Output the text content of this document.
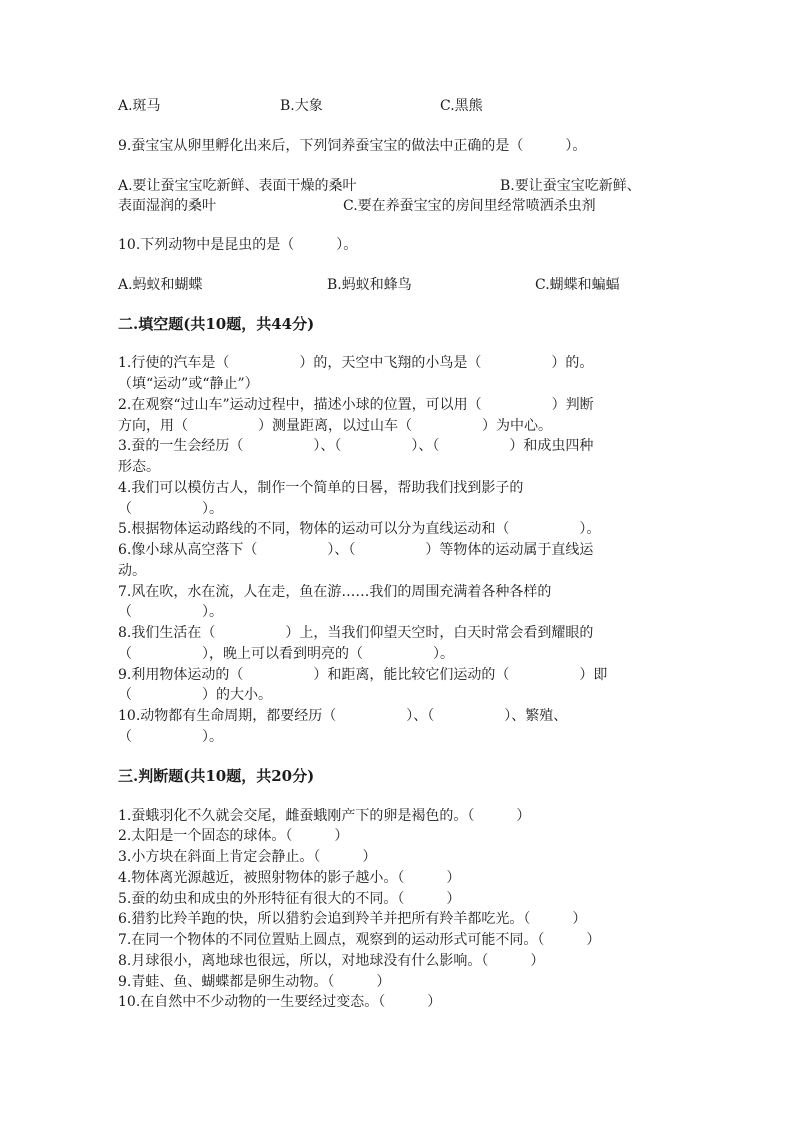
A.斑马	B.大象	C.黑熊
9.蚕宝宝从卵里孵化出来后，下列饲养蚕宝宝的做法中正确的是（　　　）。
A.要让蚕宝宝吃新鲜、表面干燥的桑叶	B.要让蚕宝宝吃新鲜、
表面湿润的桑叶	C.要在养蚕宝宝的房间里经常喷洒杀虫剂
10.下列动物中是昆虫的是（　　　）。
A.蚂蚁和蝴蝶	B.蚂蚁和蜂鸟	C.蝴蝶和蝙蝠
二.填空题(共10题，共44分)
1.行使的汽车是（　　　　　）的，天空中飞翔的小鸟是（　　　　　）的。
（填“运动”或“静止”）
2.在观察“过山车”运动过程中，描述小球的位置，可以用（　　　　　）判断
方向，用（　　　　　）测量距离，以过山车（　　　　　）为中心。
3.蚕的一生会经历（　　　　　）、（　　　　　）、（　　　　　）和成虫四种
形态。
4.我们可以模仿古人，制作一个简单的日晷，帮助我们找到影子的
（　　　　　）。
5.根据物体运动路线的不同，物体的运动可以分为直线运动和（　　　　　）。
6.像小球从高空落下（　　　　　）、（　　　　　）等物体的运动属于直线运
动。
7.风在吹，水在流，人在走，鱼在游……我们的周围充满着各种各样的
（　　　　　）。
8.我们生活在（　　　　　）上，当我们仰望天空时，白天时常会看到耀眼的
（　　　　　），晚上可以看到明亮的（　　　　　）。
9.利用物体运动的（　　　　　）和距离，能比较它们运动的（　　　　　）即
（　　　　　）的大小。
10.动物都有生命周期，都要经历（　　　　　）、（　　　　　）、繁殖、
（　　　　　）。
三.判断题(共10题，共20分)
1.蚕蛾羽化不久就会交尾，雌蚕蛾刚产下的卵是褐色的。（　　　）
2.太阳是一个固态的球体。（　　　）
3.小方块在斜面上肯定会静止。（　　　）
4.物体离光源越近，被照射物体的影子越小。（　　　）
5.蚕的幼虫和成虫的外形特征有很大的不同。（　　　）
6.猎豹比羚羊跑的快，所以猎豹会追到羚羊并把所有羚羊都吃光。（　　　）
7.在同一个物体的不同位置贴上圆点，观察到的运动形式可能不同。（　　　）
8.月球很小，离地球也很远，所以，对地球没有什么影响。（　　　）
9.青蛙、鱼、蝴蝶都是卵生动物。（　　　）
10.在自然中不少动物的一生要经过变态。（　　　）
